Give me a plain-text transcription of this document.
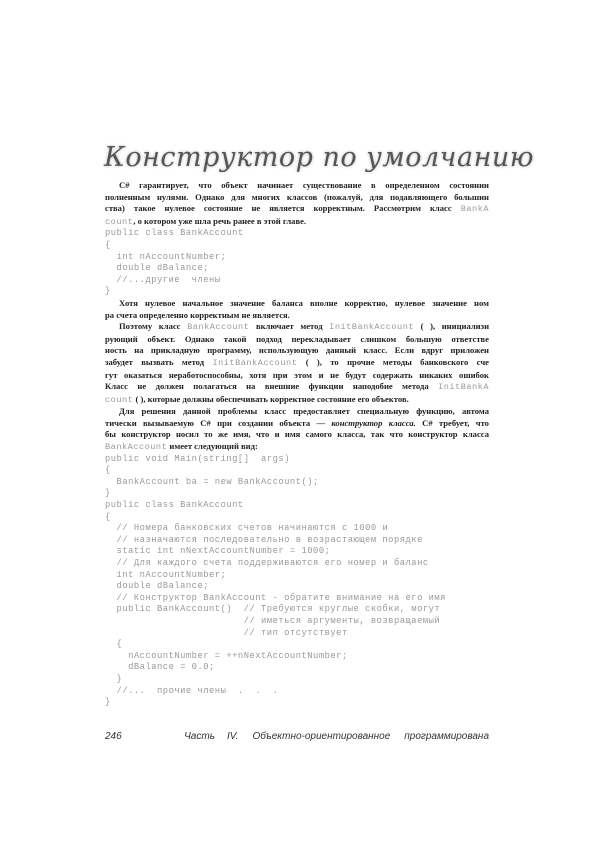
Конструктор по умолчанию
C# гарантирует, что объект начинает существование в определенном состоянии
полненным нулями. Однако для многих классов (пожалуй, для подавляющего большин
ства) такое нулевое состояние не является корректным. Рассмотрим класс BankA
count, о котором уже шла речь ранее в этой главе.
public class BankAccount
{
int nAccountNumber;
double dBalance;
//...другие  члены
}
Хотя нулевое начальное значение баланса вполне корректно, нулевое значение ном
ра счета определенно корректным не является.
Поэтому класс BankAccount включает метод InitBankAccount ( ), инициализи
рующий объект. Однако такой подход перекладывает слишком большую ответстве
ность на прикладную программу, использующую данный класс. Если вдруг приложен
забудет вызвать метод InitBankAccount ( ), то прочие методы банковского сче
гут оказаться неработоспособны, хотя при этом и не будут содержать никаких ошибок
Класс не должен полагаться на внешние функции наподобие метода InitBankA
count ( ), которые должны обеспечивать корректное состояние его объектов.
Для решения данной проблемы класс предоставляет специальную функцию, автома
тически вызываемую C# при создании объекта — конструктор класса. C# требует, что
бы конструктор носил то же имя, что и имя самого класса, так что конструктор класса
BankAccount имеет следующий вид:
public void Main(string[]  args)
{
BankAccount ba = new BankAccount();
}
public class BankAccount
{
// Номера банковских счетов начинаются с 1000 и
// назначаются последовательно в возрастающем порядке
static int nNextAccountNumber = 1000;
// Для каждого счета поддерживаются его номер и баланс
int nAccountNumber;
double dBalance;
// Конструктор BankAccount - обратите внимание на его имя
public BankAccount()  // Требуются круглые скобки, могут
// иметься аргументы, возвращаемый
// тип отсутствует
{
nAccountNumber = ++nNextAccountNumber;
dBalance = 0.0;
}
//...  прочие члены  .  .  .
}
246	Часть IV. Объектно-ориентированное программирована
